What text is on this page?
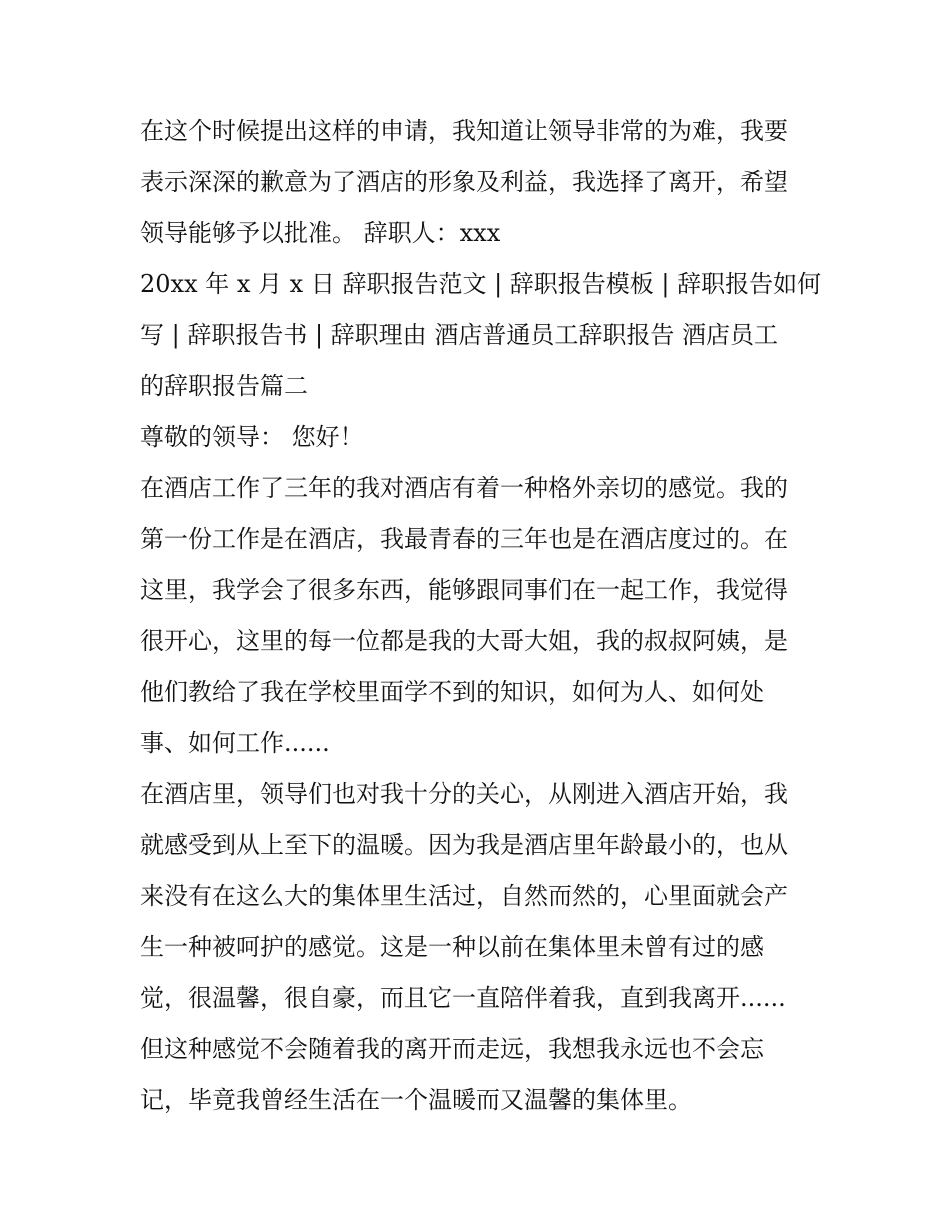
在这个时候提出这样的申请，我知道让领导非常的为难，我要
表示深深的歉意为了酒店的形象及利益，我选择了离开，希望
领导能够予以批准。 辞职人：xxx
20xx 年 x 月 x 日 辞职报告范文 | 辞职报告模板 | 辞职报告如何
写 | 辞职报告书 | 辞职理由 酒店普通员工辞职报告 酒店员工
的辞职报告篇二
尊敬的领导： 您好！
在酒店工作了三年的我对酒店有着一种格外亲切的感觉。我的
第一份工作是在酒店，我最青春的三年也是在酒店度过的。在
这里，我学会了很多东西，能够跟同事们在一起工作，我觉得
很开心，这里的每一位都是我的大哥大姐，我的叔叔阿姨，是
他们教给了我在学校里面学不到的知识，如何为人、如何处
事、如何工作......
在酒店里，领导们也对我十分的关心，从刚进入酒店开始，我
就感受到从上至下的温暖。因为我是酒店里年龄最小的，也从
来没有在这么大的集体里生活过，自然而然的，心里面就会产
生一种被呵护的感觉。这是一种以前在集体里未曾有过的感
觉，很温馨，很自豪，而且它一直陪伴着我，直到我离开......
但这种感觉不会随着我的离开而走远，我想我永远也不会忘
记，毕竟我曾经生活在一个温暖而又温馨的集体里。
